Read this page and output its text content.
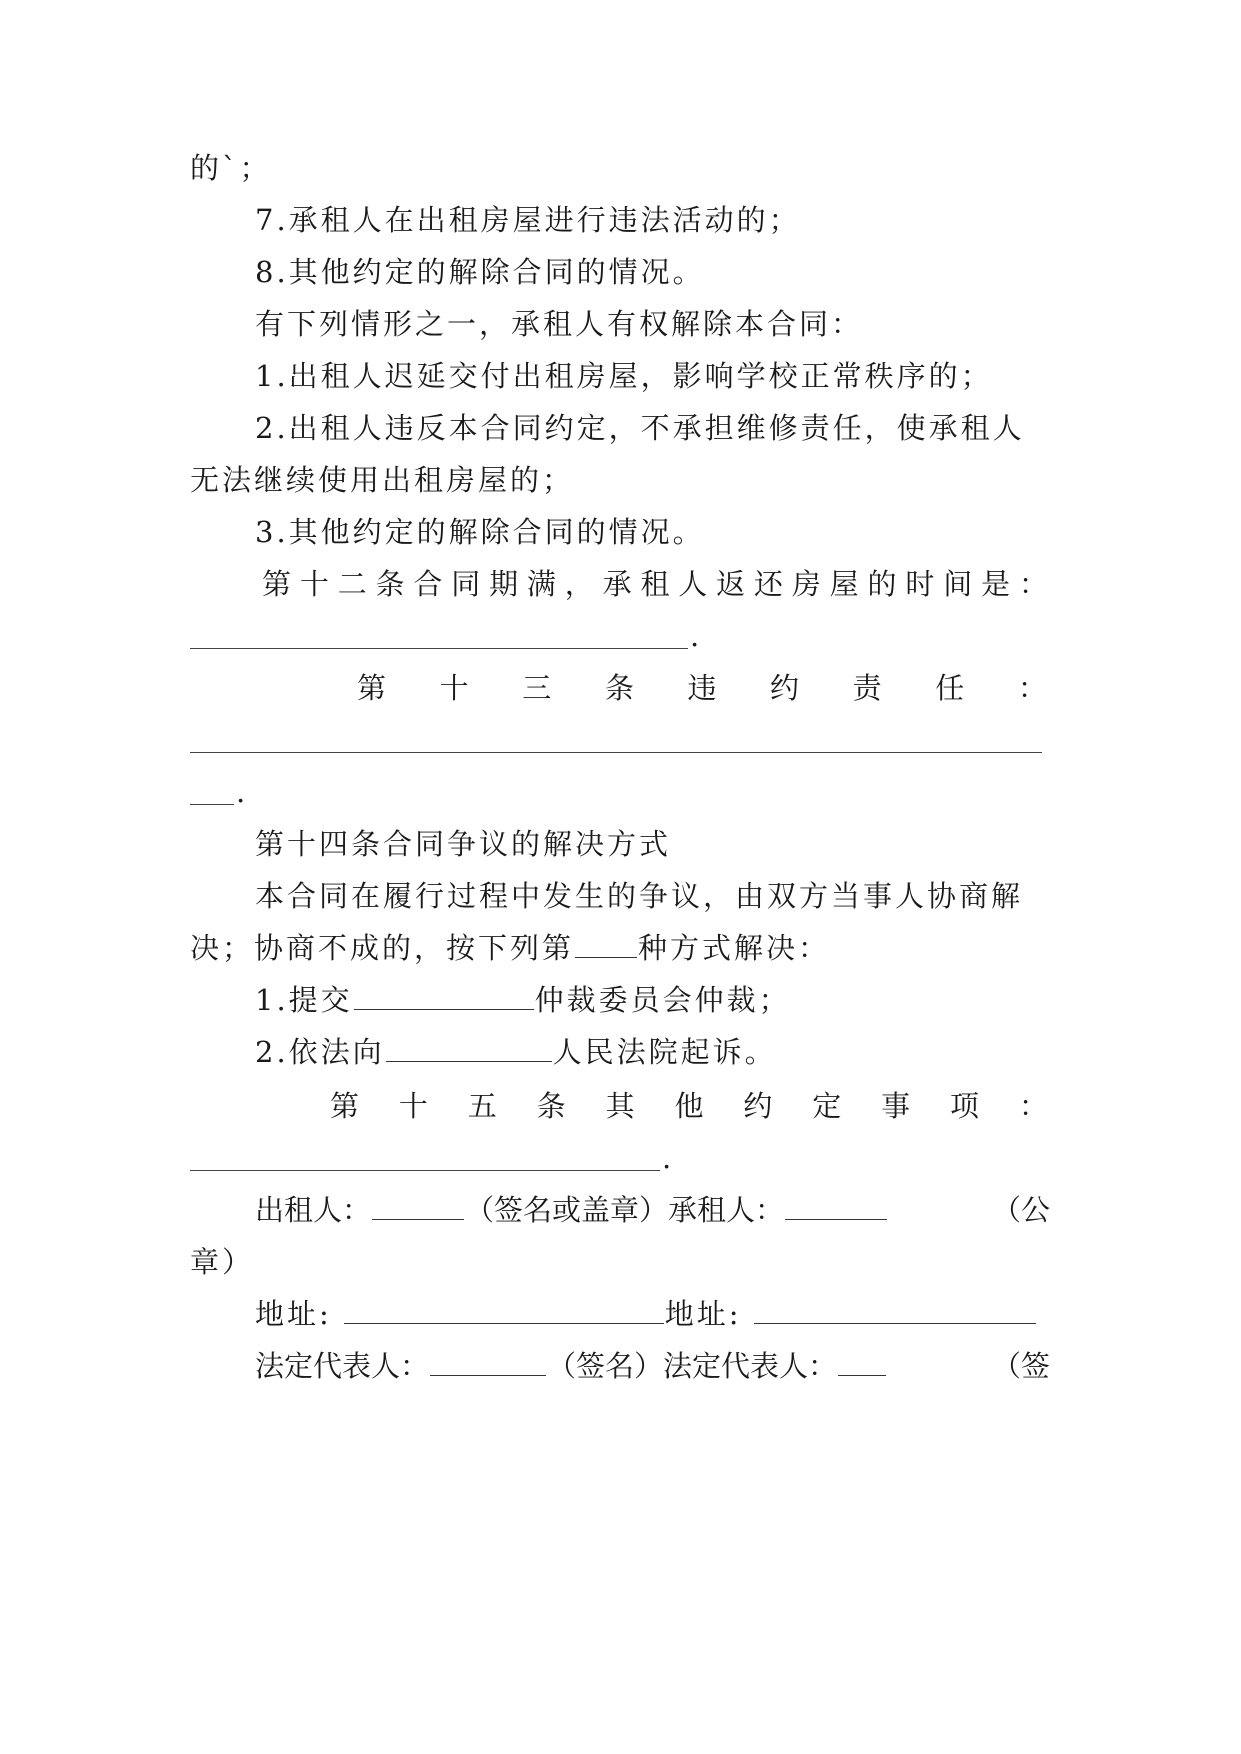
的`；
7.承租人在出租房屋进行违法活动的；
8.其他约定的解除合同的情况。
有下列情形之一，承租人有权解除本合同：
1.出租人迟延交付出租房屋，影响学校正常秩序的；
2.出租人违反本合同约定，不承担维修责任，使承租人
无法继续使用出租房屋的；
3.其他约定的解除合同的情况。
第 十 二 条 合 同 期 满 ， 承 租 人 返 还 房 屋 的 时 间 是 ：
.
第 十 三 条 违 约 责 任 ：
.
第十四条合同争议的解决方式
本合同在履行过程中发生的争议，由双方当事人协商解
决；协商不成的，按下列第 种方式解决：
1.提交	仲裁委员会仲裁；
2.依法向	人民法院起诉。
第 十 五 条 其 他 约 定 事 项 ：
.
出租人：	（签名或盖章）承租人：	（公
章）
地址:	地址:
法定代表人：	（签名）法定代表人：	（签
